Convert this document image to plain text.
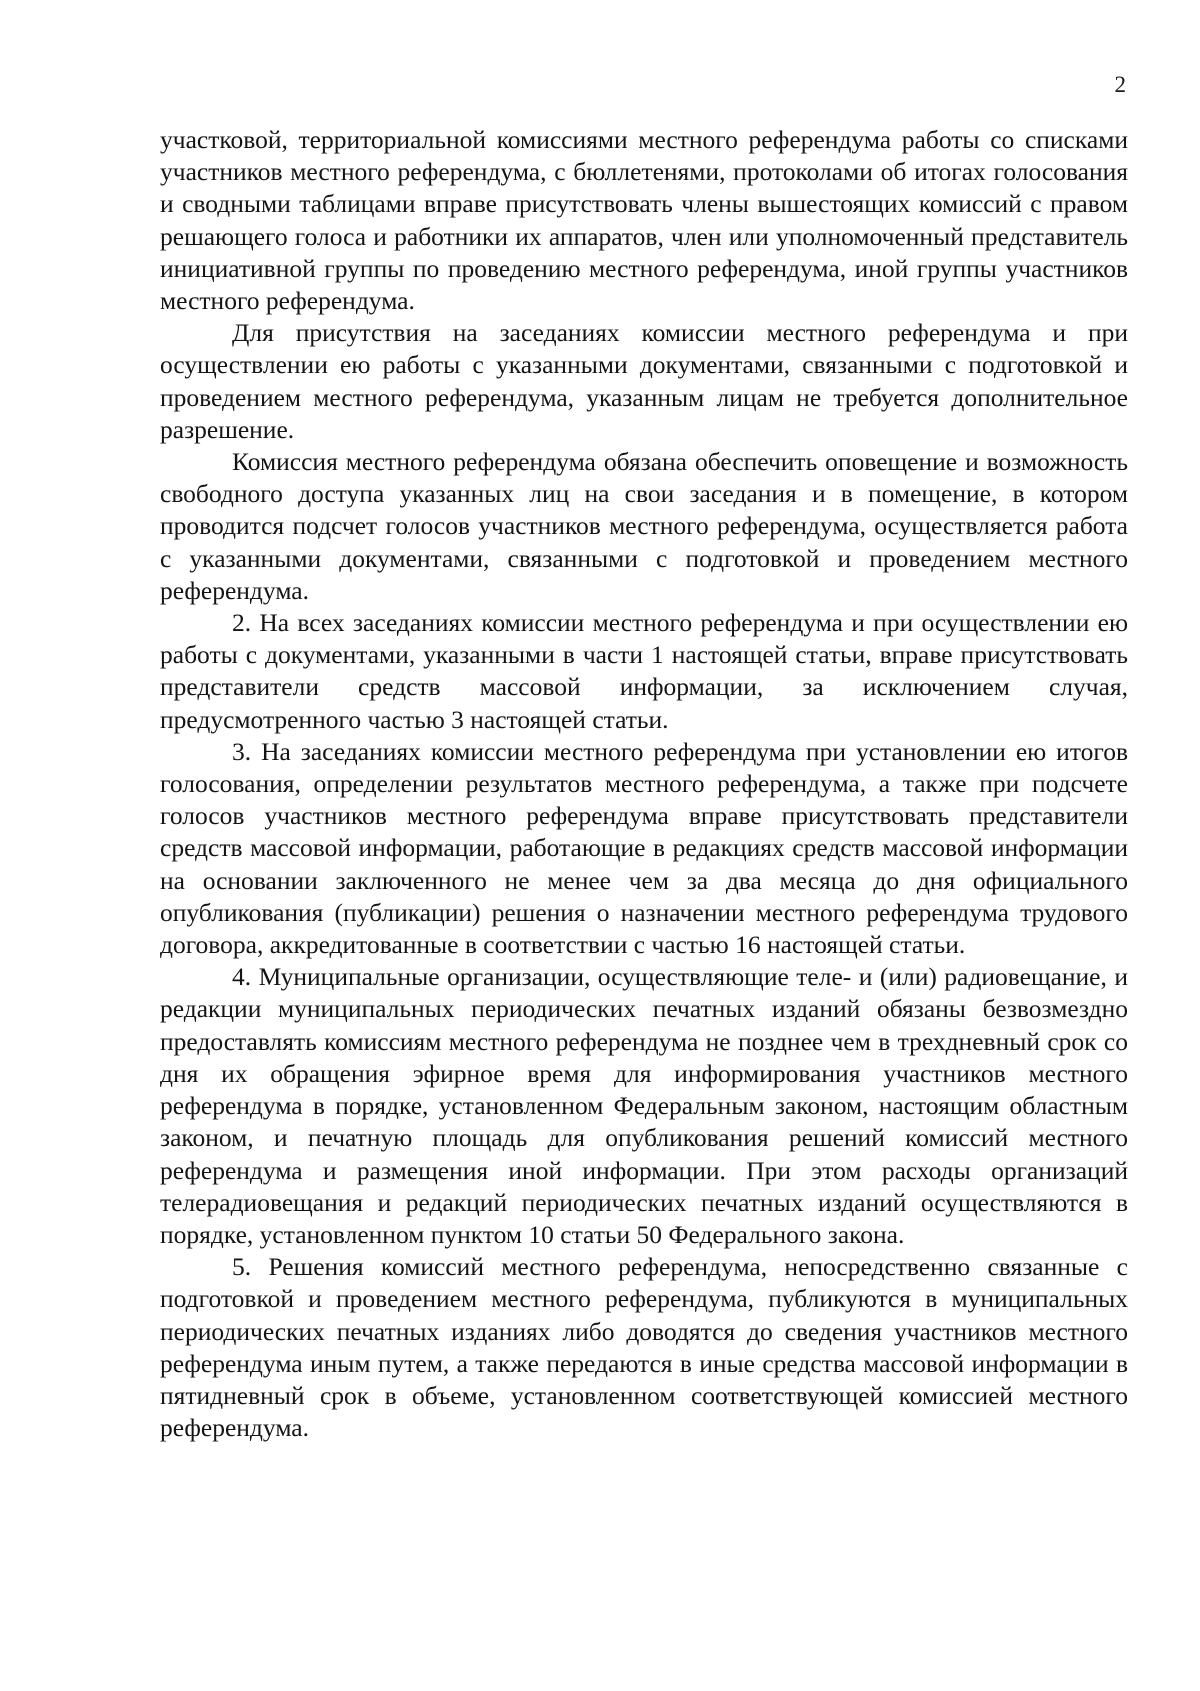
2

участковой, территориальной комиссиями местного референдума работы со списками участников местного референдума, с бюллетенями, протоколами об итогах голосования и сводными таблицами вправе присутствовать члены вышестоящих комиссий с правом решающего голоса и работники их аппаратов, член или уполномоченный представитель инициативной группы по проведению местного референдума, иной группы участников местного референдума.

Для присутствия на заседаниях комиссии местного референдума и при осуществлении ею работы с указанными документами, связанными с подготовкой и проведением местного референдума, указанным лицам не требуется дополнительное разрешение.

Комиссия местного референдума обязана обеспечить оповещение и возможность свободного доступа указанных лиц на свои заседания и в помещение, в котором проводится подсчет голосов участников местного референдума, осуществляется работа с указанными документами, связанными с подготовкой и проведением местного референдума.

2. На всех заседаниях комиссии местного референдума и при осуществлении ею работы с документами, указанными в части 1 настоящей статьи, вправе присутствовать представители средств массовой информации, за исключением случая, предусмотренного частью 3 настоящей статьи.

3. На заседаниях комиссии местного референдума при установлении ею итогов голосования, определении результатов местного референдума, а также при подсчете голосов участников местного референдума вправе присутствовать представители средств массовой информации, работающие в редакциях средств массовой информации на основании заключенного не менее чем за два месяца до дня официального опубликования (публикации) решения о назначении местного референдума трудового договора, аккредитованные в соответствии с частью 16 настоящей статьи.

4. Муниципальные организации, осуществляющие теле- и (или) радиовещание, и редакции муниципальных периодических печатных изданий обязаны безвозмездно предоставлять комиссиям местного референдума не позднее чем в трехдневный срок со дня их обращения эфирное время для информирования участников местного референдума в порядке, установленном Федеральным законом, настоящим областным законом, и печатную площадь для опубликования решений комиссий местного референдума и размещения иной информации. При этом расходы организаций телерадиовещания и редакций периодических печатных изданий осуществляются в порядке, установленном пунктом 10 статьи 50 Федерального закона.

5. Решения комиссий местного референдума, непосредственно связанные с подготовкой и проведением местного референдума, публикуются в муниципальных периодических печатных изданиях либо доводятся до сведения участников местного референдума иным путем, а также передаются в иные средства массовой информации в пятидневный срок в объеме, установленном соответствующей комиссией местного референдума.
